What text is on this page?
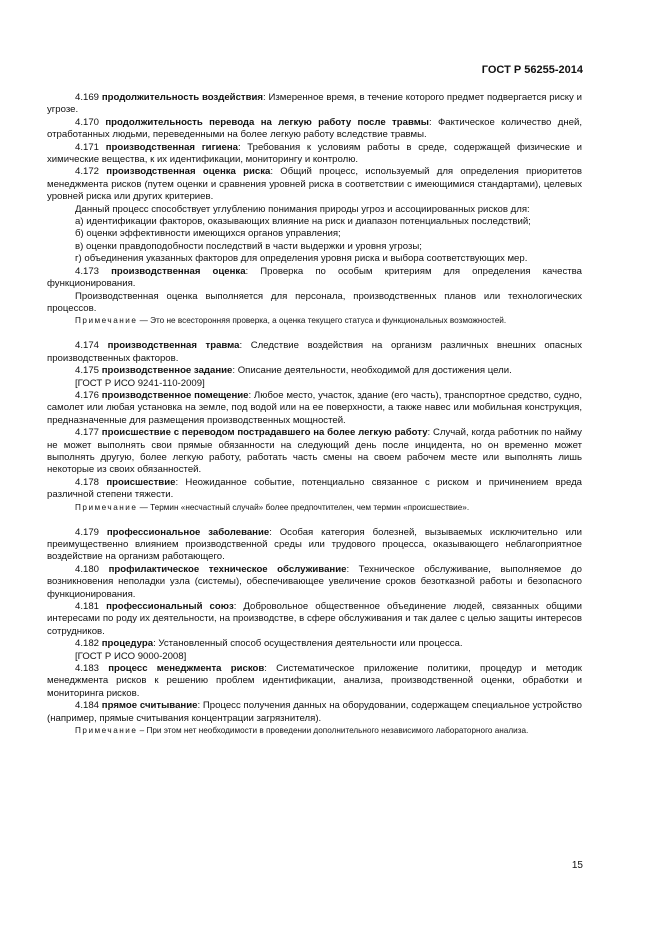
ГОСТ Р 56255-2014

4.169 продолжительность воздействия: Измеренное время, в течение которого предмет подвергается риску и угрозе.

4.170 продолжительность перевода на легкую работу после травмы: Фактическое количество дней, отработанных людьми, переведенными на более легкую работу вследствие травмы.

4.171 производственная гигиена: Требования к условиям работы в среде, содержащей физические и химические вещества, к их идентификации, мониторингу и контролю.

4.172 производственная оценка риска: Общий процесс, используемый для определения приоритетов менеджмента рисков (путем оценки и сравнения уровней риска в соответствии с имеющимися стандартами), целевых уровней риска или других критериев.

Данный процесс способствует углублению понимания природы угроз и ассоциированных рисков для:

а) идентификации факторов, оказывающих влияние на риск и диапазон потенциальных последствий;

б) оценки эффективности имеющихся органов управления;

в) оценки правдоподобности последствий в части выдержки и уровня угрозы;

г) объединения указанных факторов для определения уровня риска и выбора соответствующих мер.

4.173 производственная оценка: Проверка по особым критериям для определения качества функционирования.

Производственная оценка выполняется для персонала, производственных планов или технологических процессов.

Примечание — Это не всесторонняя проверка, а оценка текущего статуса и функциональных возможностей.

4.174 производственная травма: Следствие воздействия на организм различных внешних опасных производственных факторов.

4.175 производственное задание: Описание деятельности, необходимой для достижения цели.

[ГОСТ Р ИСО 9241-110-2009]

4.176 производственное помещение: Любое место, участок, здание (его часть), транспортное средство, судно, самолет или любая установка на земле, под водой или на ее поверхности, а также навес или мобильная конструкция, предназначенные для размещения производственных мощностей.

4.177 происшествие с переводом пострадавшего на более легкую работу: Случай, когда работник по найму не может выполнять свои прямые обязанности на следующий день после инцидента, но он временно может выполнять другую, более легкую работу, работать часть смены на своем рабочем месте или выполнять лишь некоторые из своих обязанностей.

4.178 происшествие: Неожиданное событие, потенциально связанное с риском и причинением вреда различной степени тяжести.

Примечание — Термин «несчастный случай» более предпочтителен, чем термин «происшествие».

4.179 профессиональное заболевание: Особая категория болезней, вызываемых исключительно или преимущественно влиянием производственной среды или трудового процесса, оказывающего неблагоприятное воздействие на организм работающего.

4.180 профилактическое техническое обслуживание: Техническое обслуживание, выполняемое до возникновения неполадки узла (системы), обеспечивающее увеличение сроков безотказной работы и безопасного функционирования.

4.181 профессиональный союз: Добровольное общественное объединение людей, связанных общими интересами по роду их деятельности, на производстве, в сфере обслуживания и так далее с целью защиты интересов сотрудников.

4.182 процедура: Установленный способ осуществления деятельности или процесса.

[ГОСТ Р ИСО 9000-2008]

4.183 процесс менеджмента рисков: Систематическое приложение политики, процедур и методик менеджмента рисков к решению проблем идентификации, анализа, производственной оценки, обработки и мониторинга рисков.

4.184 прямое считывание: Процесс получения данных на оборудовании, содержащем специальное устройство (например, прямые считывания концентрации загрязнителя).

Примечание – При этом нет необходимости в проведении дополнительного независимого лабораторного анализа.

15
